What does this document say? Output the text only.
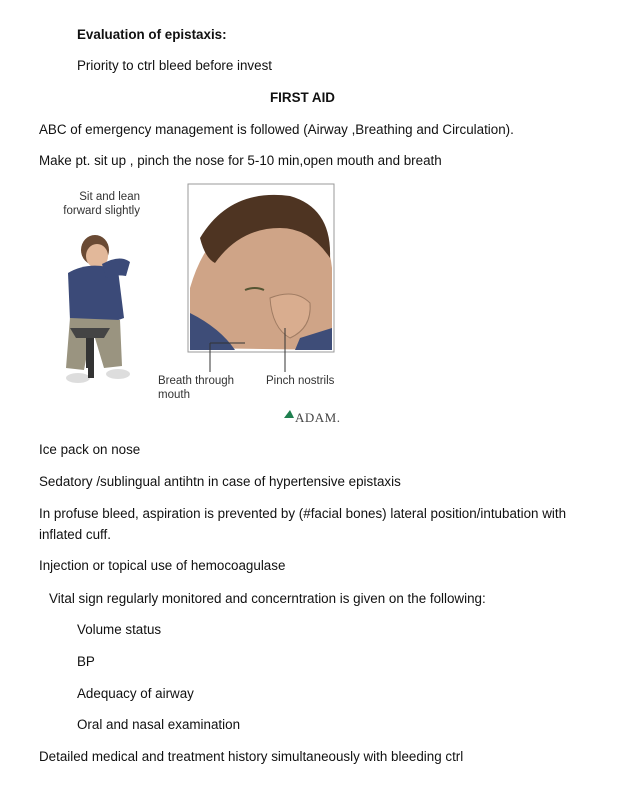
Evaluation of epistaxis:
Priority to ctrl bleed before invest
FIRST AID
ABC of emergency management is followed (Airway ,Breathing and Circulation).
Make pt. sit up , pinch the nose for 5-10 min,open mouth and breath
Sit and lean
forward slightly
Breath through
mouth
Pinch nostrils
ADAM.
Ice pack on nose
Sedatory /sublingual antihtn in case of hypertensive epistaxis
In profuse bleed, aspiration is prevented by (#facial bones) lateral position/intubation with inflated cuff.
Injection or topical use of hemocoagulase
Vital sign regularly monitored and concerntration is given on the following:
Volume status
BP
Adequacy of airway
Oral and nasal examination
Detailed medical and treatment history simultaneously with bleeding ctrl
